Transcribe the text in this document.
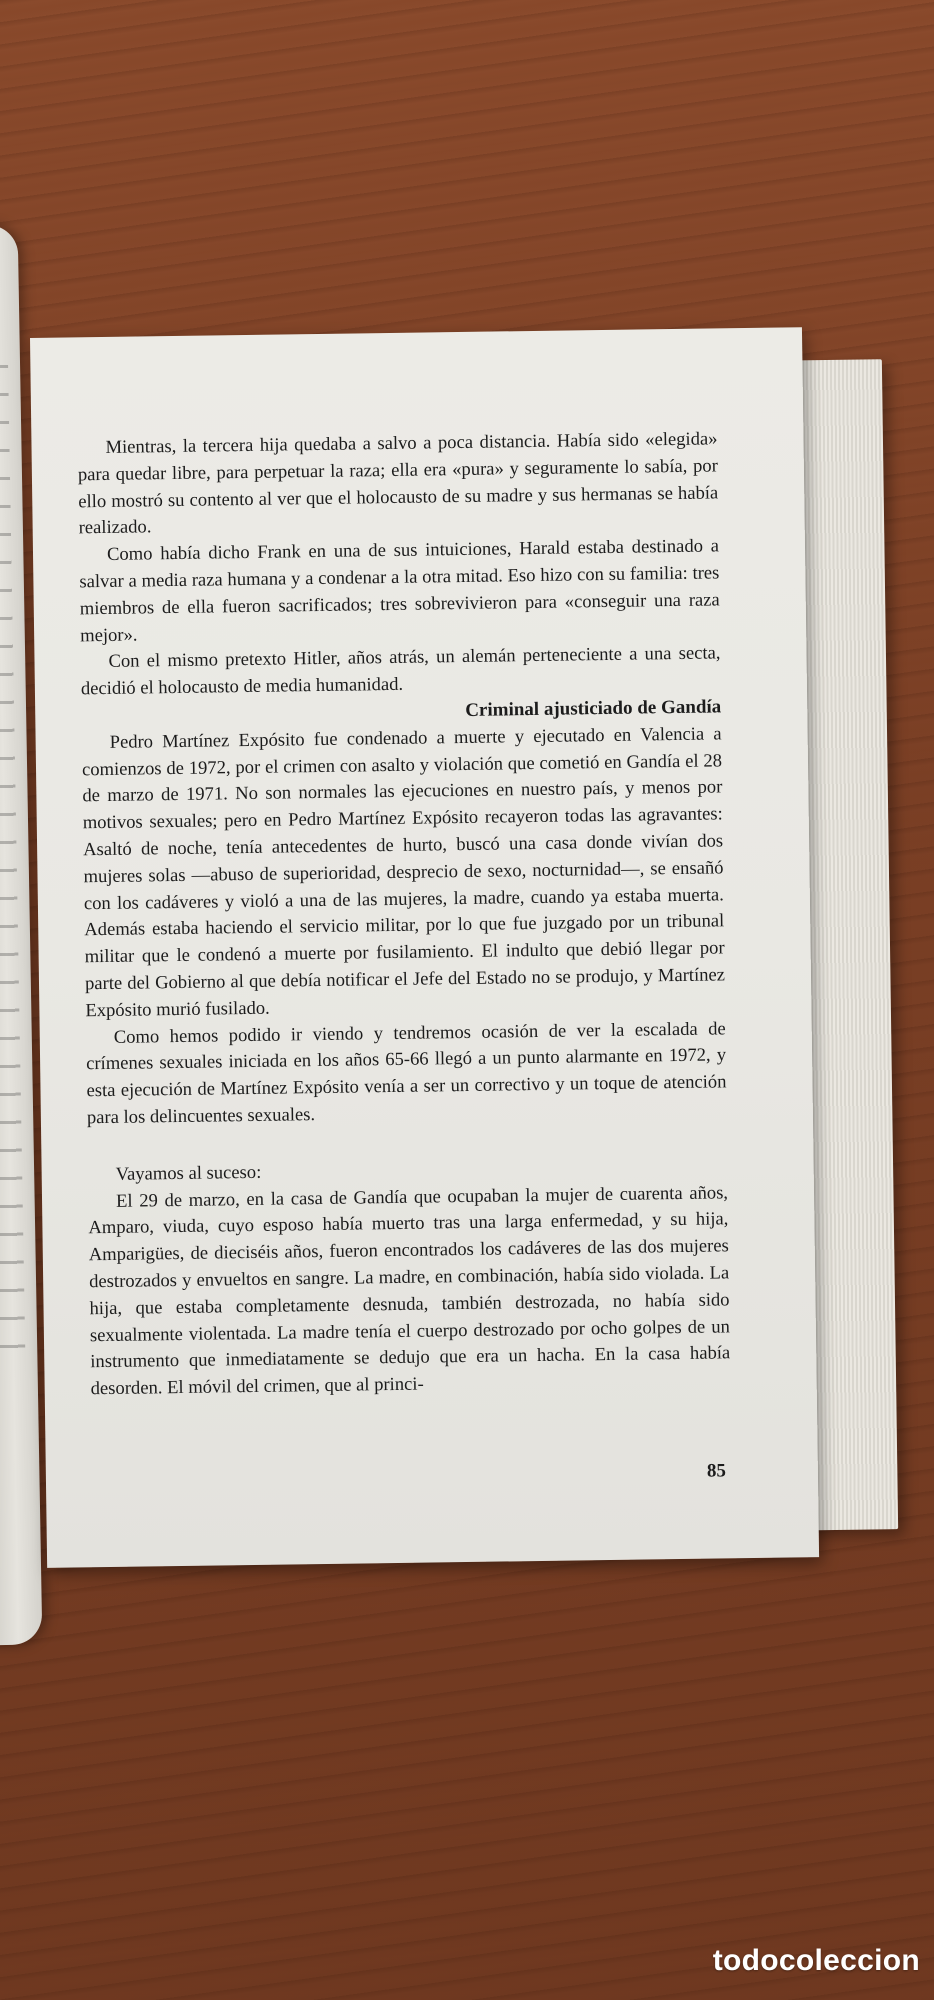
Mientras, la tercera hija quedaba a salvo a poca distancia. Había sido «elegida» para quedar libre, para perpetuar la raza; ella era «pura» y seguramente lo sabía, por ello mostró su contento al ver que el holocausto de su madre y sus hermanas se había realizado.

Como había dicho Frank en una de sus intuiciones, Harald estaba destinado a salvar a media raza humana y a condenar a la otra mitad. Eso hizo con su familia: tres miembros de ella fueron sacrificados; tres sobrevivieron para «conseguir una raza mejor».

Con el mismo pretexto Hitler, años atrás, un alemán perteneciente a una secta, decidió el holocausto de media humanidad.

Criminal ajusticiado de Gandía

Pedro Martínez Expósito fue condenado a muerte y ejecutado en Valencia a comienzos de 1972, por el crimen con asalto y violación que cometió en Gandía el 28 de marzo de 1971. No son normales las ejecuciones en nuestro país, y menos por motivos sexuales; pero en Pedro Martínez Expósito recayeron todas las agravantes: Asaltó de noche, tenía antecedentes de hurto, buscó una casa donde vivían dos mujeres solas —abuso de superioridad, desprecio de sexo, nocturnidad—, se ensañó con los cadáveres y violó a una de las mujeres, la madre, cuando ya estaba muerta. Además estaba haciendo el servicio militar, por lo que fue juzgado por un tribunal militar que le condenó a muerte por fusilamiento. El indulto que debió llegar por parte del Gobierno al que debía notificar el Jefe del Estado no se produjo, y Martínez Expósito murió fusilado.

Como hemos podido ir viendo y tendremos ocasión de ver la escalada de crímenes sexuales iniciada en los años 65-66 llegó a un punto alarmante en 1972, y esta ejecución de Martínez Expósito venía a ser un correctivo y un toque de atención para los delincuentes sexuales.

Vayamos al suceso:

El 29 de marzo, en la casa de Gandía que ocupaban la mujer de cuarenta años, Amparo, viuda, cuyo esposo había muerto tras una larga enfermedad, y su hija, Amparigües, de dieciséis años, fueron encontrados los cadáveres de las dos mujeres destrozados y envueltos en sangre. La madre, en combinación, había sido violada. La hija, que estaba completamente desnuda, también destrozada, no había sido sexualmente violentada. La madre tenía el cuerpo destrozado por ocho golpes de un instrumento que inmediatamente se dedujo que era un hacha. En la casa había desorden. El móvil del crimen, que al princi-

85
todocoleccion
